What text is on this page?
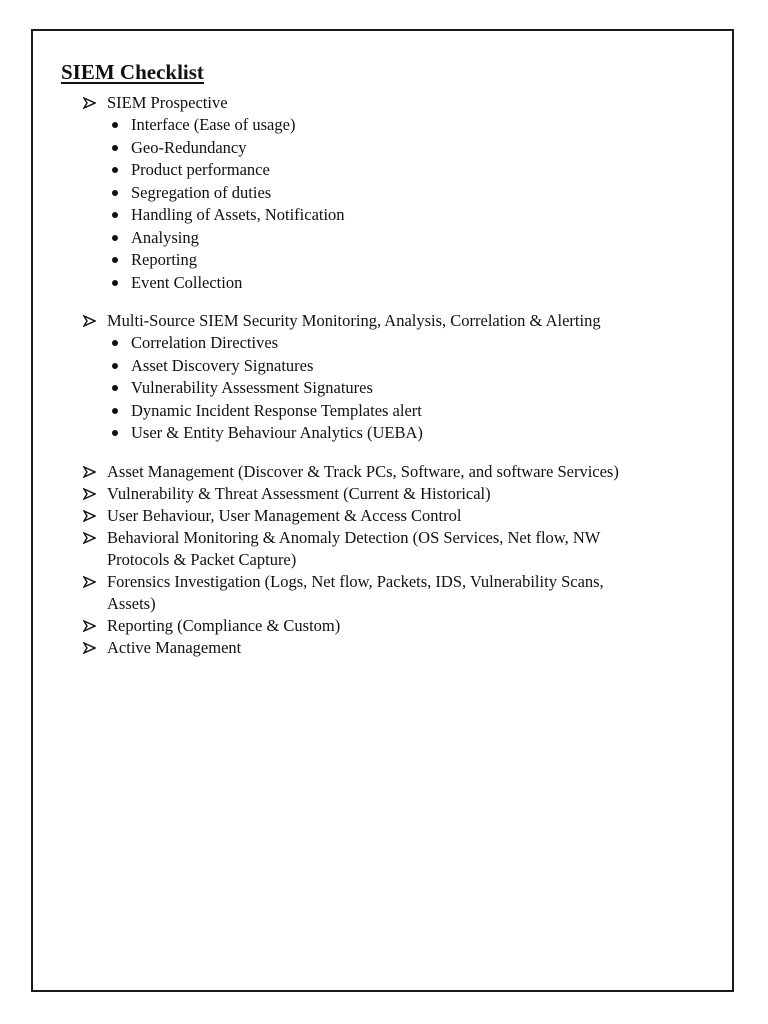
SIEM Checklist
SIEM Prospective
Interface (Ease of usage)
Geo-Redundancy
Product performance
Segregation of duties
Handling of Assets, Notification
Analysing
Reporting
Event Collection
Multi-Source SIEM Security Monitoring, Analysis, Correlation & Alerting
Correlation Directives
Asset Discovery Signatures
Vulnerability Assessment Signatures
Dynamic Incident Response Templates alert
User & Entity Behaviour Analytics (UEBA)
Asset Management (Discover & Track PCs, Software, and software Services)
Vulnerability & Threat Assessment (Current & Historical)
User Behaviour, User Management & Access Control
Behavioral Monitoring & Anomaly Detection (OS Services, Net flow, NW Protocols & Packet Capture)
Forensics Investigation (Logs, Net flow, Packets, IDS, Vulnerability Scans, Assets)
Reporting (Compliance & Custom)
Active Management
